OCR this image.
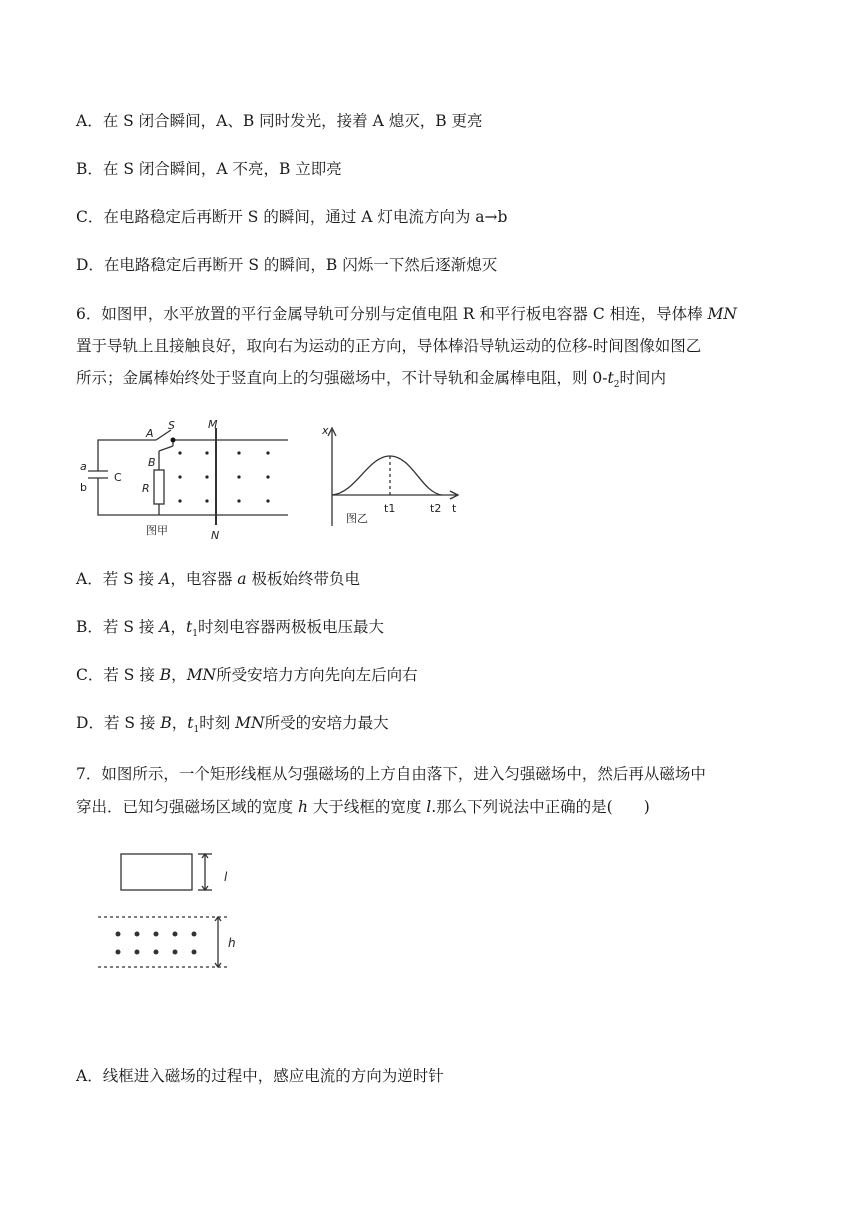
A．在 S 闭合瞬间，A、B 同时发光，接着 A 熄灭，B 更亮
B．在 S 闭合瞬间，A 不亮，B 立即亮
C．在电路稳定后再断开 S 的瞬间，通过 A 灯电流方向为 a→b
D．在电路稳定后再断开 S 的瞬间，B 闪烁一下然后逐渐熄灭
6．如图甲，水平放置的平行金属导轨可分别与定值电阻 R 和平行板电容器 C 相连，导体棒 MN
置于导轨上且接触良好，取向右为运动的正方向，导体棒沿导轨运动的位移-时间图像如图乙
所示；金属棒始终处于竖直向上的匀强磁场中，不计导轨和金属棒电阻，则 $0-t_2$时间内
A
S	M
B
a
b
C
R
N
图甲
x
t1	t2 t
图乙
A．若 S 接 A，电容器 a 极板始终带负电
B．若 S 接 A，$t_1$时刻电容器两极板电压最大
C．若 S 接 B，MN所受安培力方向先向左后向右
D．若 S 接 B，$t_1$时刻 MN所受的安培力最大
7．如图所示，一个矩形线框从匀强磁场的上方自由落下，进入匀强磁场中，然后再从磁场中
穿出．已知匀强磁场区域的宽度 h 大于线框的宽度 l.那么下列说法中正确的是(　　)
l
h
A．线框进入磁场的过程中，感应电流的方向为逆时针
